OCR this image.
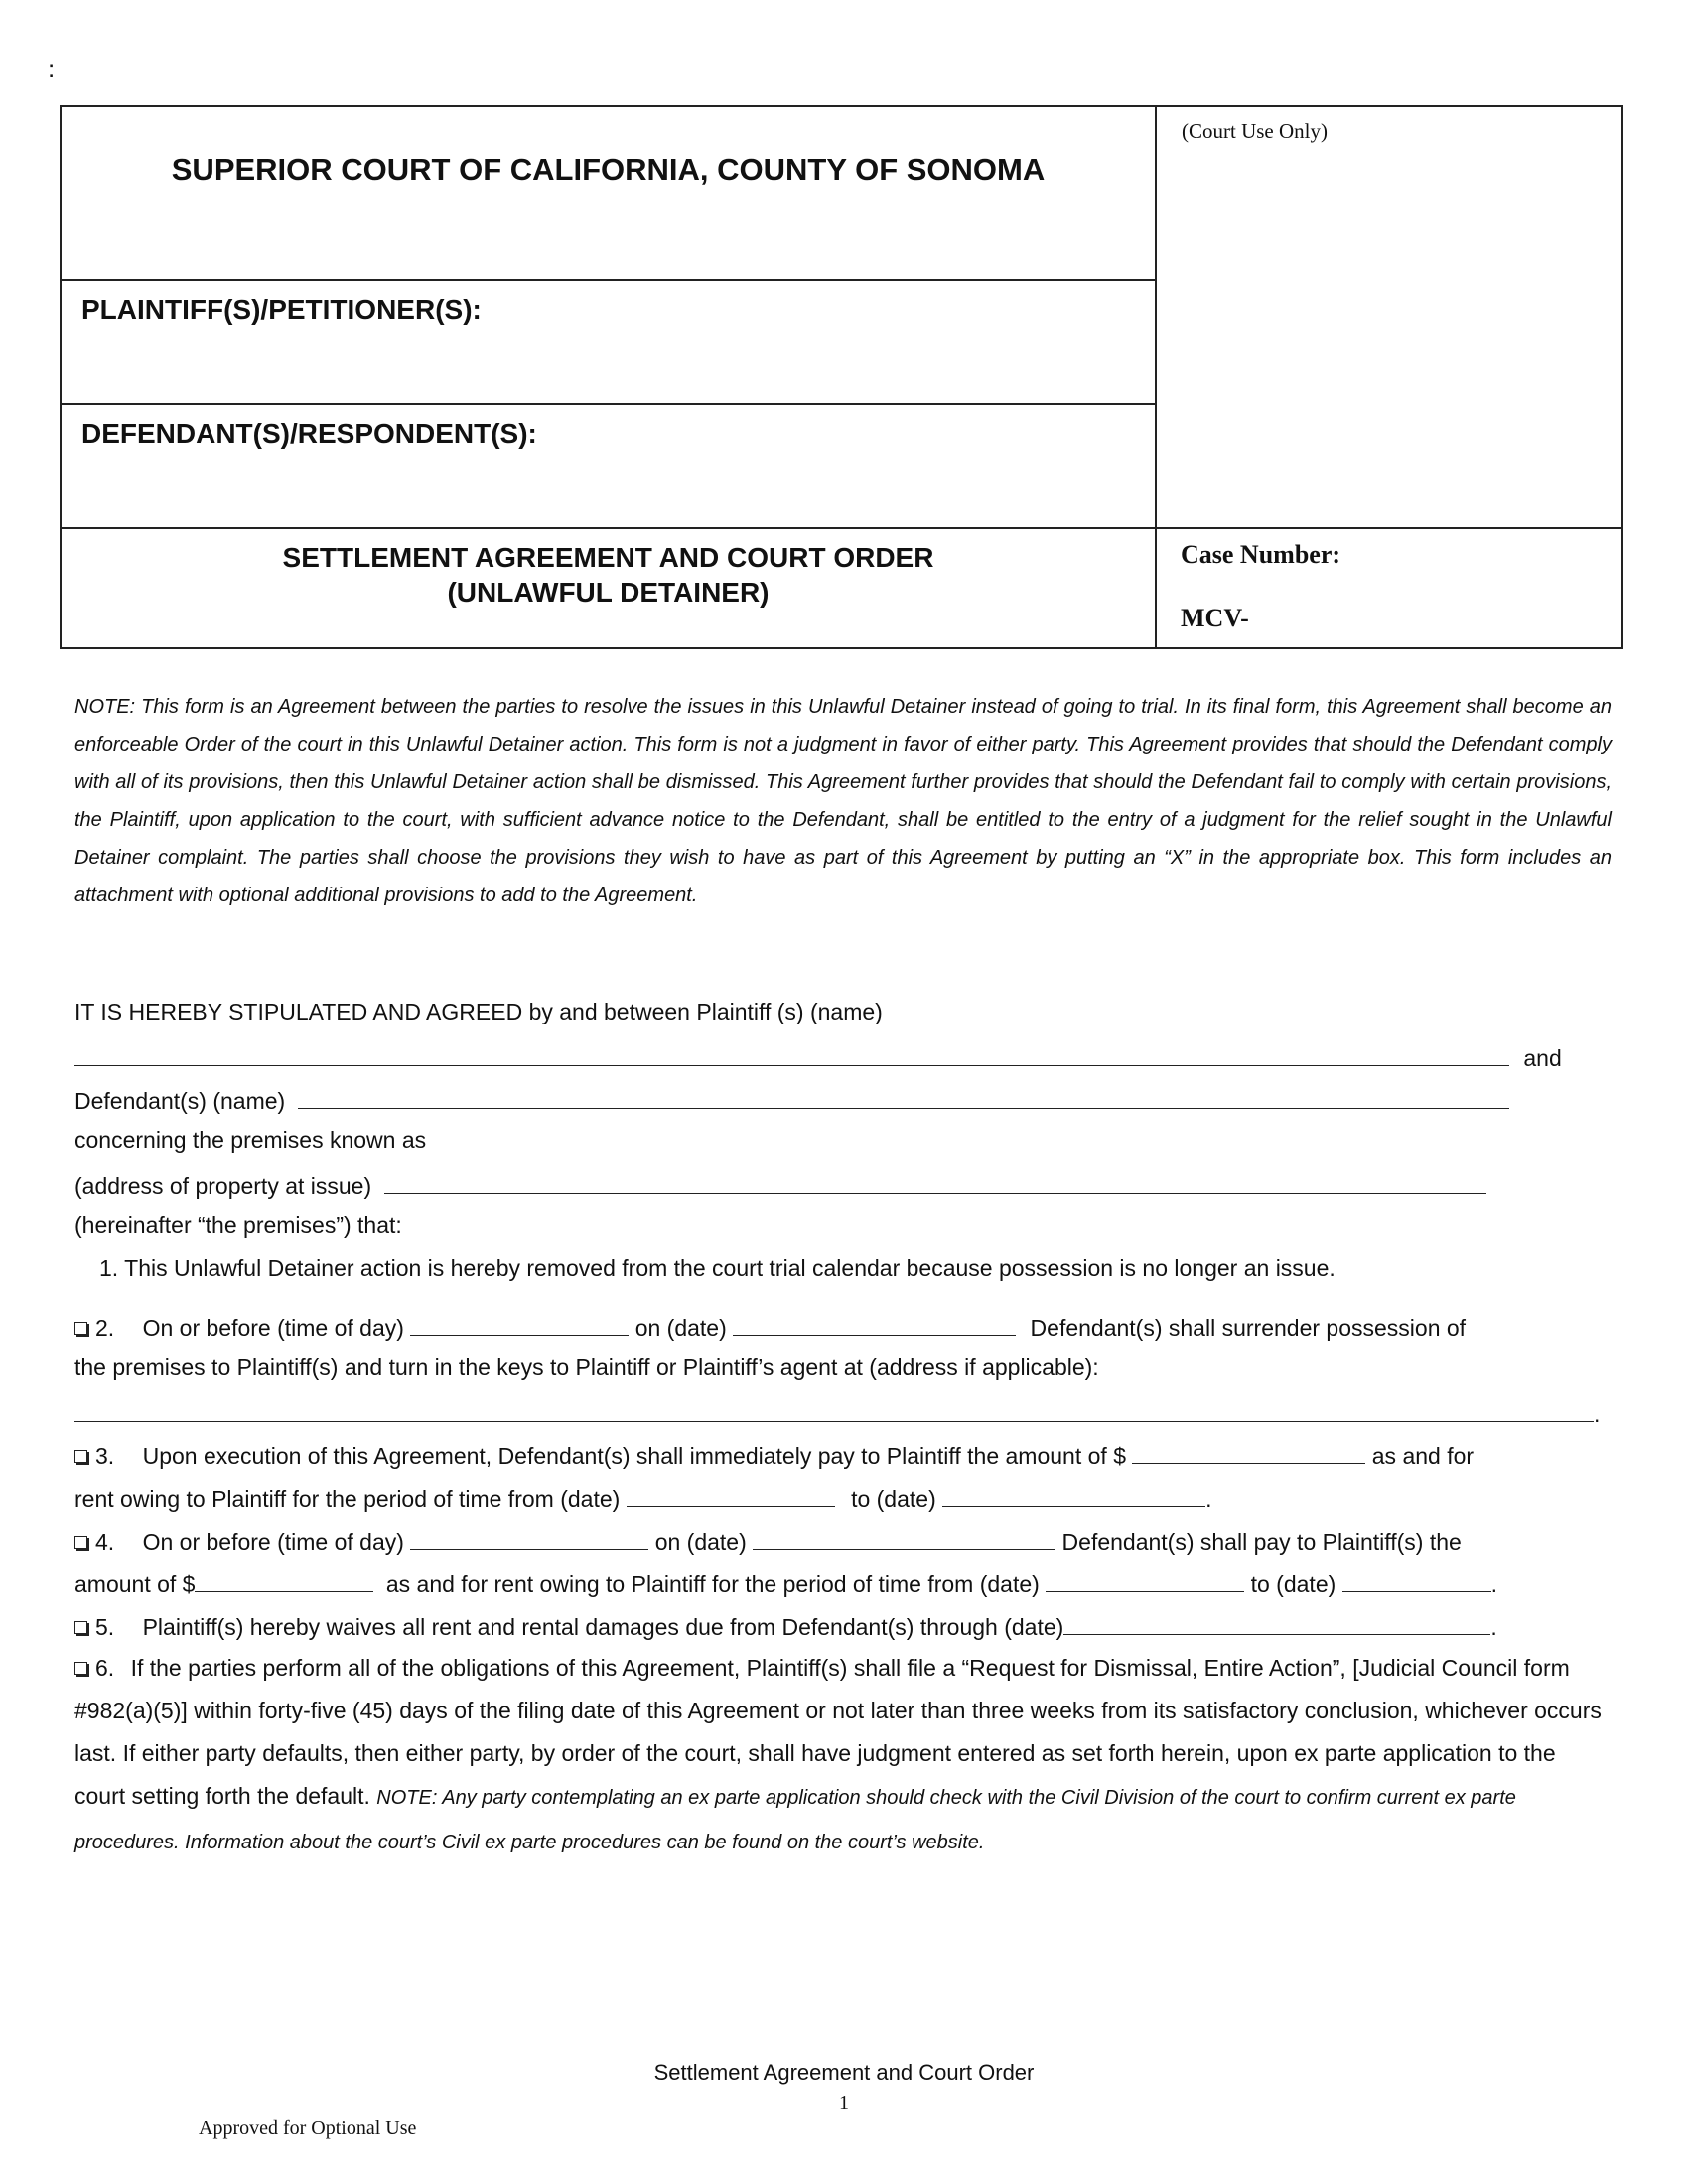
:
SUPERIOR COURT OF CALIFORNIA, COUNTY OF SONOMA
(Court Use Only)
PLAINTIFF(S)/PETITIONER(S):
DEFENDANT(S)/RESPONDENT(S):
SETTLEMENT AGREEMENT AND COURT ORDER
(UNLAWFUL DETAINER)
Case Number:
MCV-
NOTE: This form is an Agreement between the parties to resolve the issues in this Unlawful Detainer instead of going to trial. In its final form, this Agreement shall become an enforceable Order of the court in this Unlawful Detainer action. This form is not a judgment in favor of either party. This Agreement provides that should the Defendant comply with all of its provisions, then this Unlawful Detainer action shall be dismissed. This Agreement further provides that should the Defendant fail to comply with certain provisions, the Plaintiff, upon application to the court, with sufficient advance notice to the Defendant, shall be entitled to the entry of a judgment for the relief sought in the Unlawful Detainer complaint. The parties shall choose the provisions they wish to have as part of this Agreement by putting an “X” in the appropriate box. This form includes an attachment with optional additional provisions to add to the Agreement.
IT IS HEREBY STIPULATED AND AGREED by and between Plaintiff (s) (name)
and
Defendant(s) (name)
concerning the premises known as
(address of property at issue)
(hereinafter “the premises”) that:
1. This Unlawful Detainer action is hereby removed from the court trial calendar because possession is no longer an issue.
2. On or before (time of day)	on (date)	Defendant(s) shall surrender possession of
the premises to Plaintiff(s) and turn in the keys to Plaintiff or Plaintiff’s agent at (address if applicable):
.
3. Upon execution of this Agreement, Defendant(s) shall immediately pay to Plaintiff the amount of $	as and for
rent owing to Plaintiff for the period of time from (date)	to (date)	.
4. On or before (time of day)	on (date)	Defendant(s) shall pay to Plaintiff(s) the
amount of $	as and for rent owing to Plaintiff for the period of time from (date)	to (date)	.
5. Plaintiff(s) hereby waives all rent and rental damages due from Defendant(s) through (date)	.
6. If the parties perform all of the obligations of this Agreement, Plaintiff(s) shall file a “Request for Dismissal, Entire Action”, [Judicial Council form #982(a)(5)] within forty-five (45) days of the filing date of this Agreement or not later than three weeks from its satisfactory conclusion, whichever occurs last. If either party defaults, then either party, by order of the court, shall have judgment entered as set forth herein, upon ex parte application to the court setting forth the default. NOTE: Any party contemplating an ex parte application should check with the Civil Division of the court to confirm current ex parte procedures. Information about the court’s Civil ex parte procedures can be found on the court’s website.
Settlement Agreement and Court Order
1
Approved for Optional Use
